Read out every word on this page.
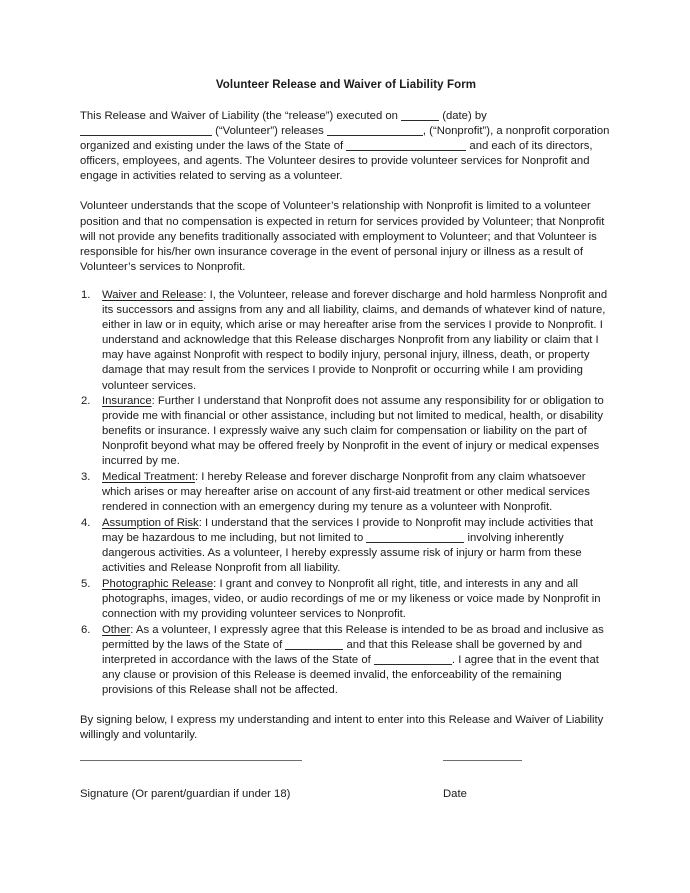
Volunteer Release and Waiver of Liability Form

This Release and Waiver of Liability (the “release”) executed on	(date) by  (“Volunteer”) releases	, (“Nonprofit”), a nonprofit corporation organized and existing under the laws of the State of	and each of its directors, officers, employees, and agents. The Volunteer desires to provide volunteer services for Nonprofit and engage in activities related to serving as a volunteer.

Volunteer understands that the scope of Volunteer’s relationship with Nonprofit is limited to a volunteer position and that no compensation is expected in return for services provided by Volunteer; that Nonprofit will not provide any benefits traditionally associated with employment to Volunteer; and that Volunteer is responsible for his/her own insurance coverage in the event of personal injury or illness as a result of Volunteer’s services to Nonprofit.

1.	Waiver and Release: I, the Volunteer, release and forever discharge and hold harmless Nonprofit and its successors and assigns from any and all liability, claims, and demands of whatever kind of nature, either in law or in equity, which arise or may hereafter arise from the services I provide to Nonprofit. I understand and acknowledge that this Release discharges Nonprofit from any liability or claim that I may have against Nonprofit with respect to bodily injury, personal injury, illness, death, or property damage that may result from the services I provide to Nonprofit or occurring while I am providing volunteer services.
2.	Insurance: Further I understand that Nonprofit does not assume any responsibility for or obligation to provide me with financial or other assistance, including but not limited to medical, health, or disability benefits or insurance. I expressly waive any such claim for compensation or liability on the part of Nonprofit beyond what may be offered freely by Nonprofit in the event of injury or medical expenses incurred by me.
3.	Medical Treatment: I hereby Release and forever discharge Nonprofit from any claim whatsoever which arises or may hereafter arise on account of any first-aid treatment or other medical services rendered in connection with an emergency during my tenure as a volunteer with Nonprofit.
4.	Assumption of Risk: I understand that the services I provide to Nonprofit may include activities that may be hazardous to me including, but not limited to	involving inherently dangerous activities. As a volunteer, I hereby expressly assume risk of injury or harm from these activities and Release Nonprofit from all liability.
5.	Photographic Release: I grant and convey to Nonprofit all right, title, and interests in any and all photographs, images, video, or audio recordings of me or my likeness or voice made by Nonprofit in connection with my providing volunteer services to Nonprofit.
6.	Other: As a volunteer, I expressly agree that this Release is intended to be as broad and inclusive as permitted by the laws of the State of	and that this Release shall be governed by and interpreted in accordance with the laws of the State of	. I agree that in the event that any clause or provision of this Release is deemed invalid, the enforceability of the remaining provisions of this Release shall not be affected.

By signing below, I express my understanding and intent to enter into this Release and Waiver of Liability willingly and voluntarily.

Signature (Or parent/guardian if under 18)	Date
